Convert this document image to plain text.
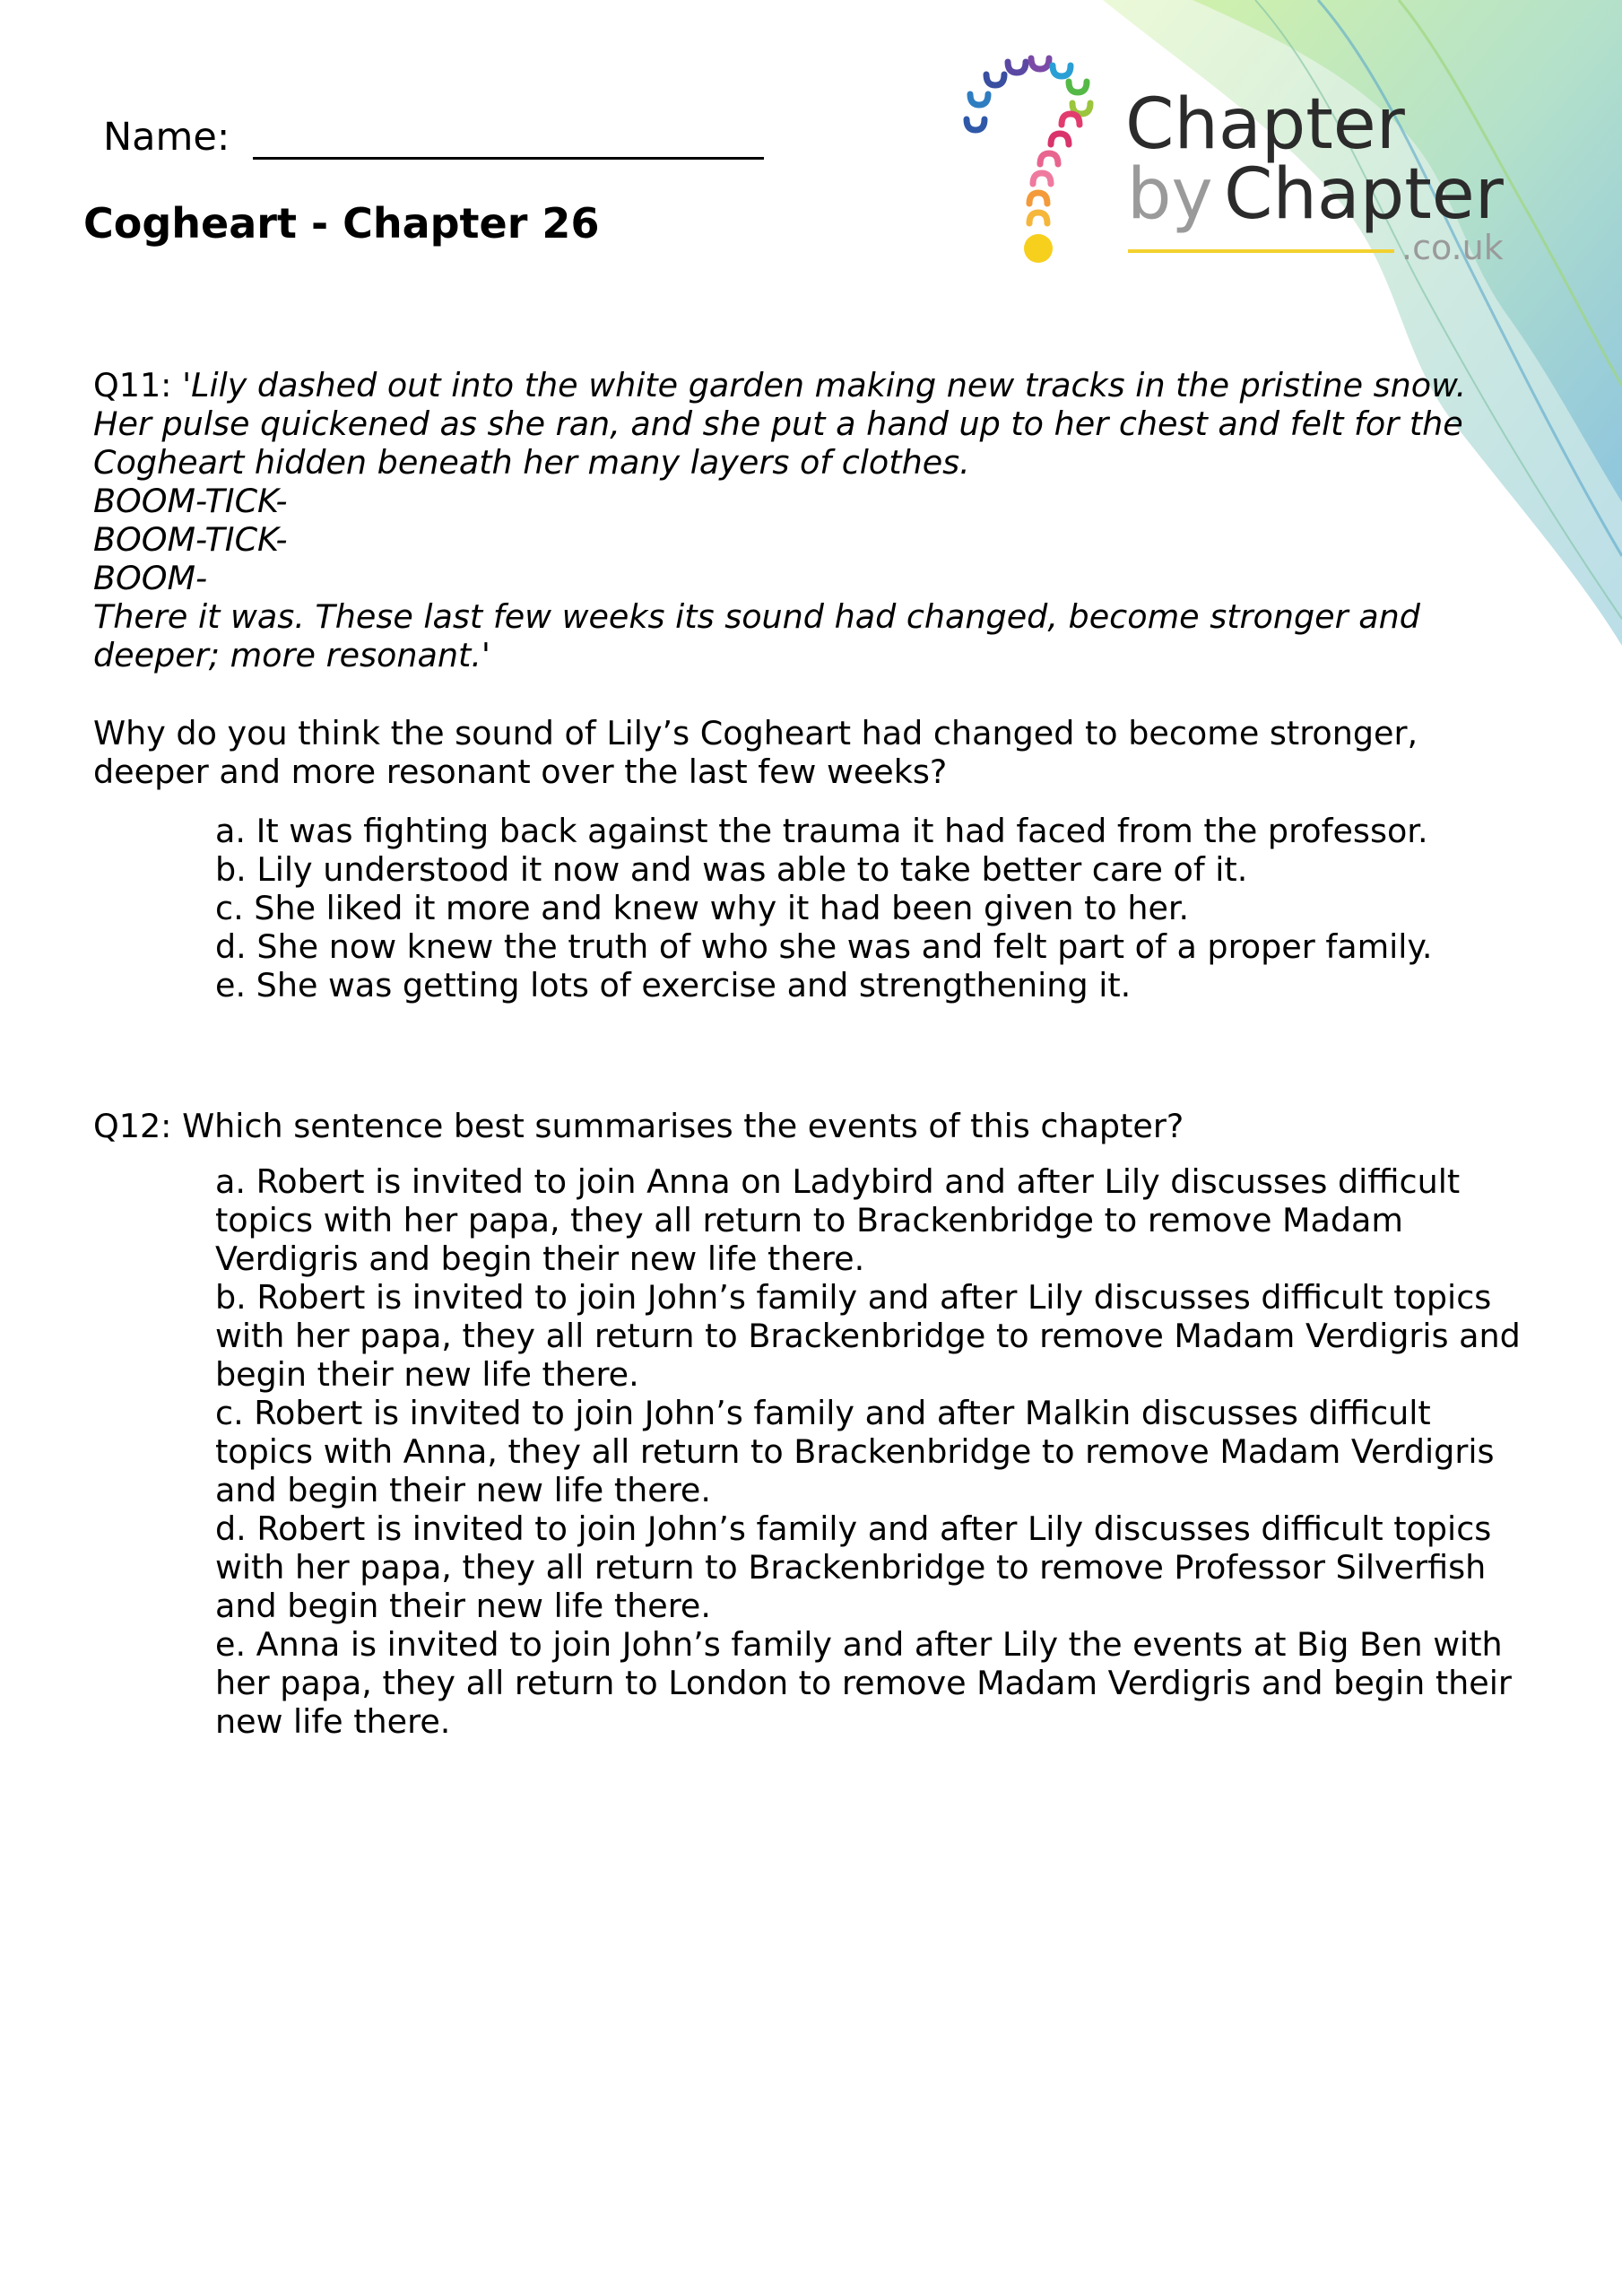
Chapter
by Chapter
.co.uk
Name:
Cogheart - Chapter 26
Q11: 'Lily dashed out into the white garden making new tracks in the pristine snow.
Her pulse quickened as she ran, and she put a hand up to her chest and felt for the
Cogheart hidden beneath her many layers of clothes.
BOOM-TICK-
BOOM-TICK-
BOOM-
There it was. These last few weeks its sound had changed, become stronger and
deeper; more resonant.'
Why do you think the sound of Lily’s Cogheart had changed to become stronger,
deeper and more resonant over the last few weeks?
a. It was fighting back against the trauma it had faced from the professor.
b. Lily understood it now and was able to take better care of it.
c. She liked it more and knew why it had been given to her.
d. She now knew the truth of who she was and felt part of a proper family.
e. She was getting lots of exercise and strengthening it.
Q12: Which sentence best summarises the events of this chapter?
a. Robert is invited to join Anna on Ladybird and after Lily discusses difficult
topics with her papa, they all return to Brackenbridge to remove Madam
Verdigris and begin their new life there.
b. Robert is invited to join John’s family and after Lily discusses difficult topics
with her papa, they all return to Brackenbridge to remove Madam Verdigris and
begin their new life there.
c. Robert is invited to join John’s family and after Malkin discusses difficult
topics with Anna, they all return to Brackenbridge to remove Madam Verdigris
and begin their new life there.
d. Robert is invited to join John’s family and after Lily discusses difficult topics
with her papa, they all return to Brackenbridge to remove Professor Silverfish
and begin their new life there.
e. Anna is invited to join John’s family and after Lily the events at Big Ben with
her papa, they all return to London to remove Madam Verdigris and begin their
new life there.
